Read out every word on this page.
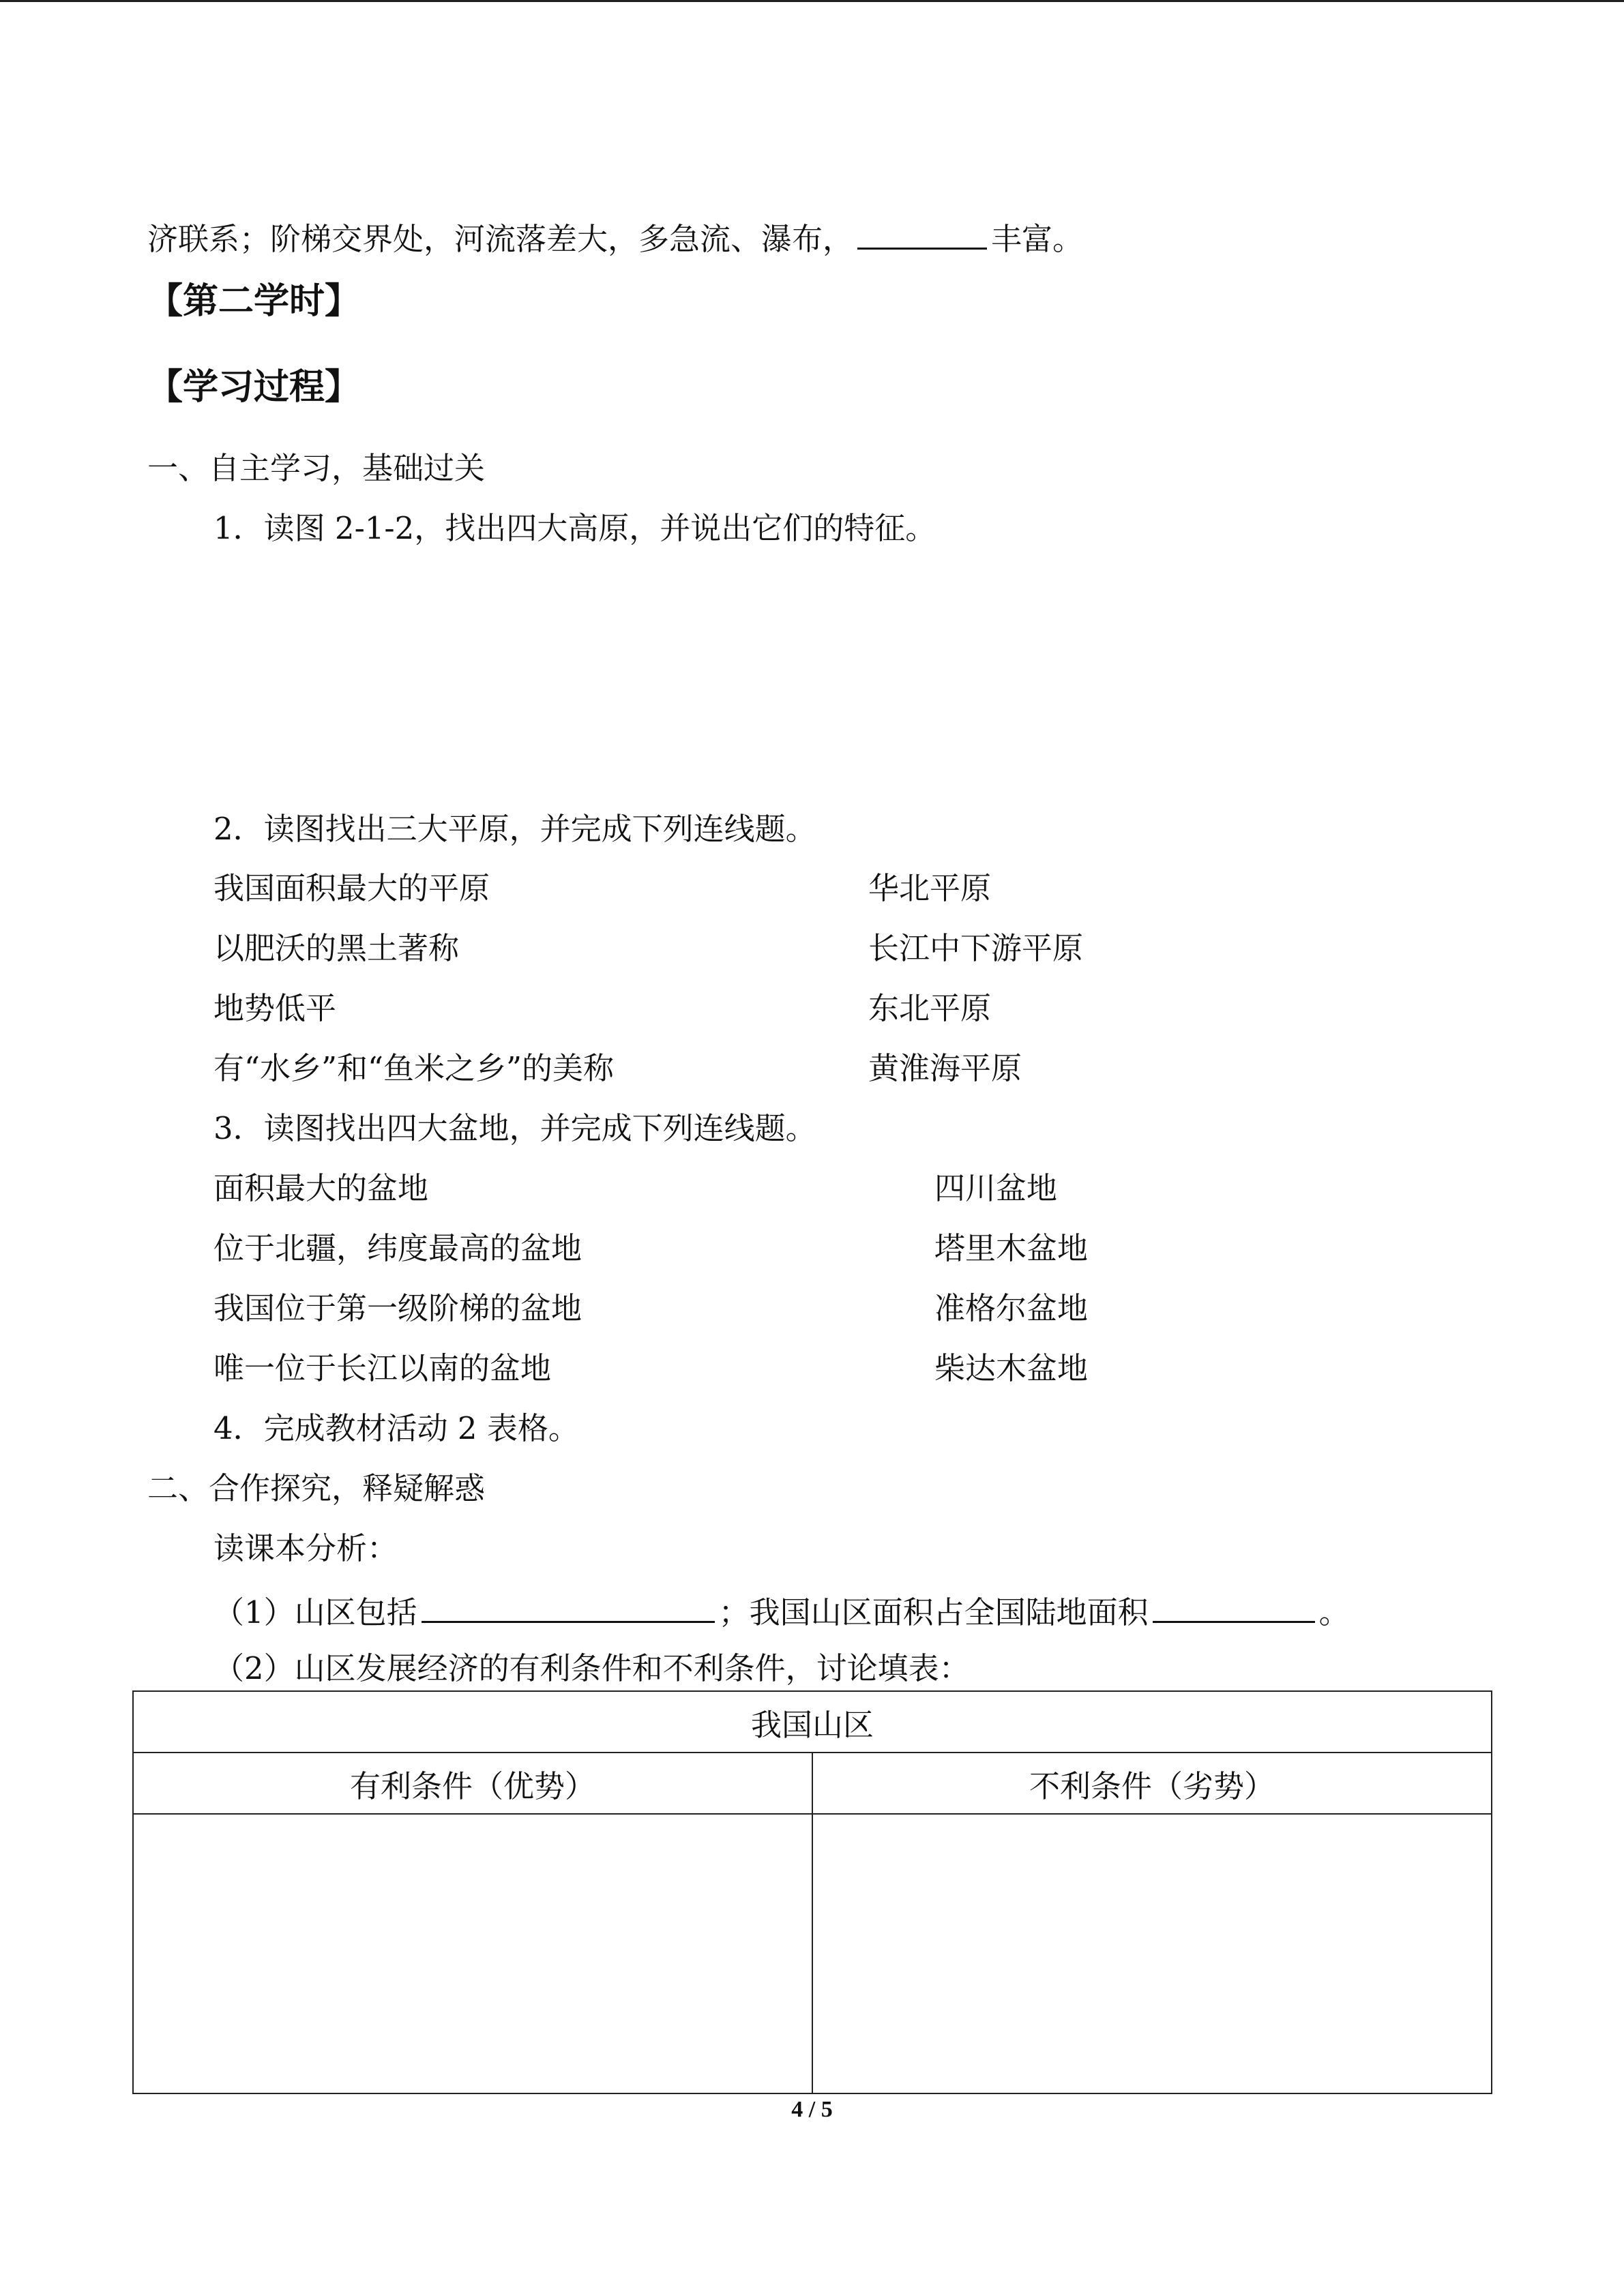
济联系；阶梯交界处，河流落差大，多急流、瀑布，	丰富。
【第二学时】
【学习过程】
一、自主学习，基础过关
1．读图 2-1-2，找出四大高原，并说出它们的特征。
2．读图找出三大平原，并完成下列连线题。
我国面积最大的平原	华北平原
以肥沃的黑土著称	长江中下游平原
地势低平	东北平原
有“水乡”和“鱼米之乡”的美称	黄淮海平原
3．读图找出四大盆地，并完成下列连线题。
面积最大的盆地	四川盆地
位于北疆，纬度最高的盆地	塔里木盆地
我国位于第一级阶梯的盆地	准格尔盆地
唯一位于长江以南的盆地	柴达木盆地
4．完成教材活动 2 表格。
二、合作探究，释疑解惑
读课本分析：
（1）山区包括	；我国山区面积占全国陆地面积	。
（2）山区发展经济的有利条件和不利条件，讨论填表：
我国山区	
有利条件（优势）	不利条件（劣势）

4 / 5
